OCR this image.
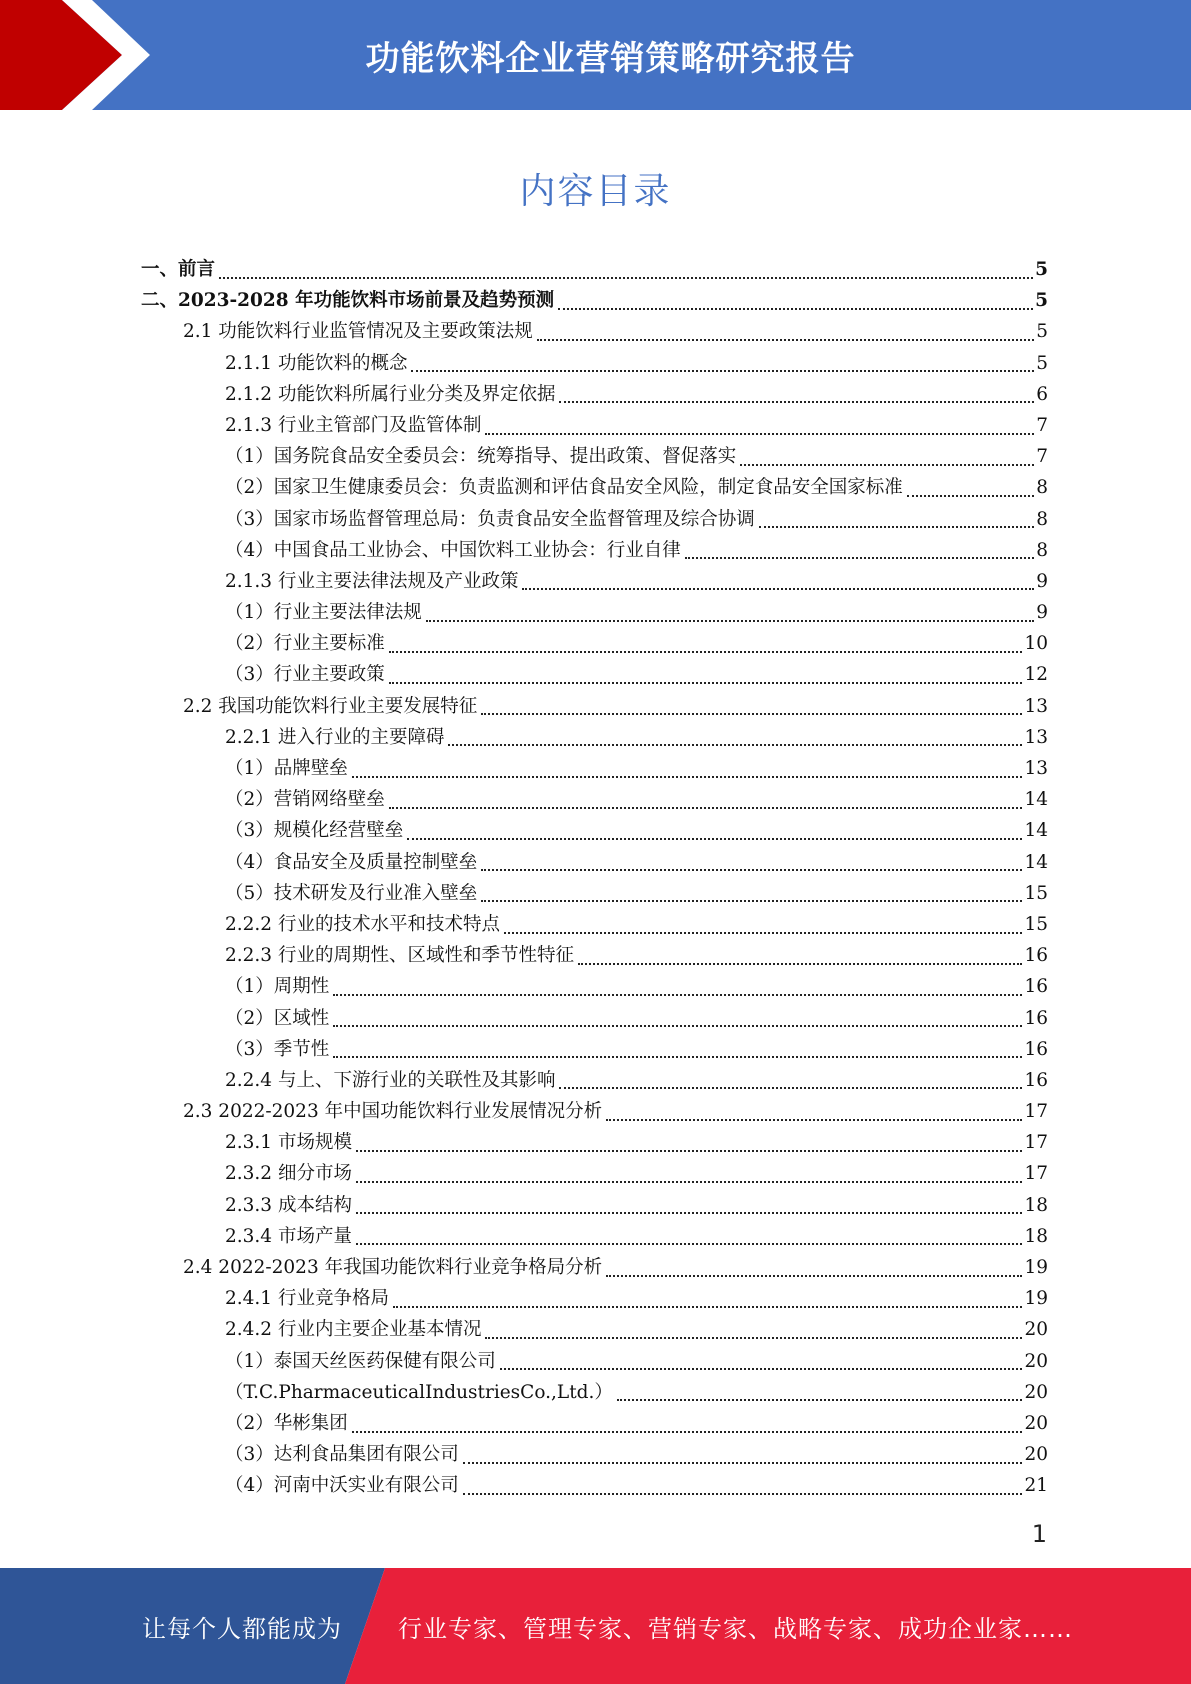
功能饮料企业营销策略研究报告
内容目录
一、前言	5
二、2023-2028 年功能饮料市场前景及趋势预测	5
2.1 功能饮料行业监管情况及主要政策法规	5
2.1.1 功能饮料的概念	5
2.1.2 功能饮料所属行业分类及界定依据	6
2.1.3 行业主管部门及监管体制	7
（1）国务院食品安全委员会：统筹指导、提出政策、督促落实	7
（2）国家卫生健康委员会：负责监测和评估食品安全风险，制定食品安全国家标准	8
（3）国家市场监督管理总局：负责食品安全监督管理及综合协调	8
（4）中国食品工业协会、中国饮料工业协会：行业自律	8
2.1.3 行业主要法律法规及产业政策	9
（1）行业主要法律法规	9
（2）行业主要标准	10
（3）行业主要政策	12
2.2 我国功能饮料行业主要发展特征	13
2.2.1 进入行业的主要障碍	13
（1）品牌壁垒	13
（2）营销网络壁垒	14
（3）规模化经营壁垒	14
（4）食品安全及质量控制壁垒	14
（5）技术研发及行业准入壁垒	15
2.2.2 行业的技术水平和技术特点	15
2.2.3 行业的周期性、区域性和季节性特征	16
（1）周期性	16
（2）区域性	16
（3）季节性	16
2.2.4 与上、下游行业的关联性及其影响	16
2.3 2022-2023 年中国功能饮料行业发展情况分析	17
2.3.1 市场规模	17
2.3.2 细分市场	17
2.3.3 成本结构	18
2.3.4 市场产量	18
2.4 2022-2023 年我国功能饮料行业竞争格局分析	19
2.4.1 行业竞争格局	19
2.4.2 行业内主要企业基本情况	20
（1）泰国天丝医药保健有限公司	20
（T.C.PharmaceuticalIndustriesCo.,Ltd.）	20
（2）华彬集团	20
（3）达利食品集团有限公司	20
（4）河南中沃实业有限公司	21
1
让每个人都能成为 行业专家、管理专家、营销专家、战略专家、成功企业家……
